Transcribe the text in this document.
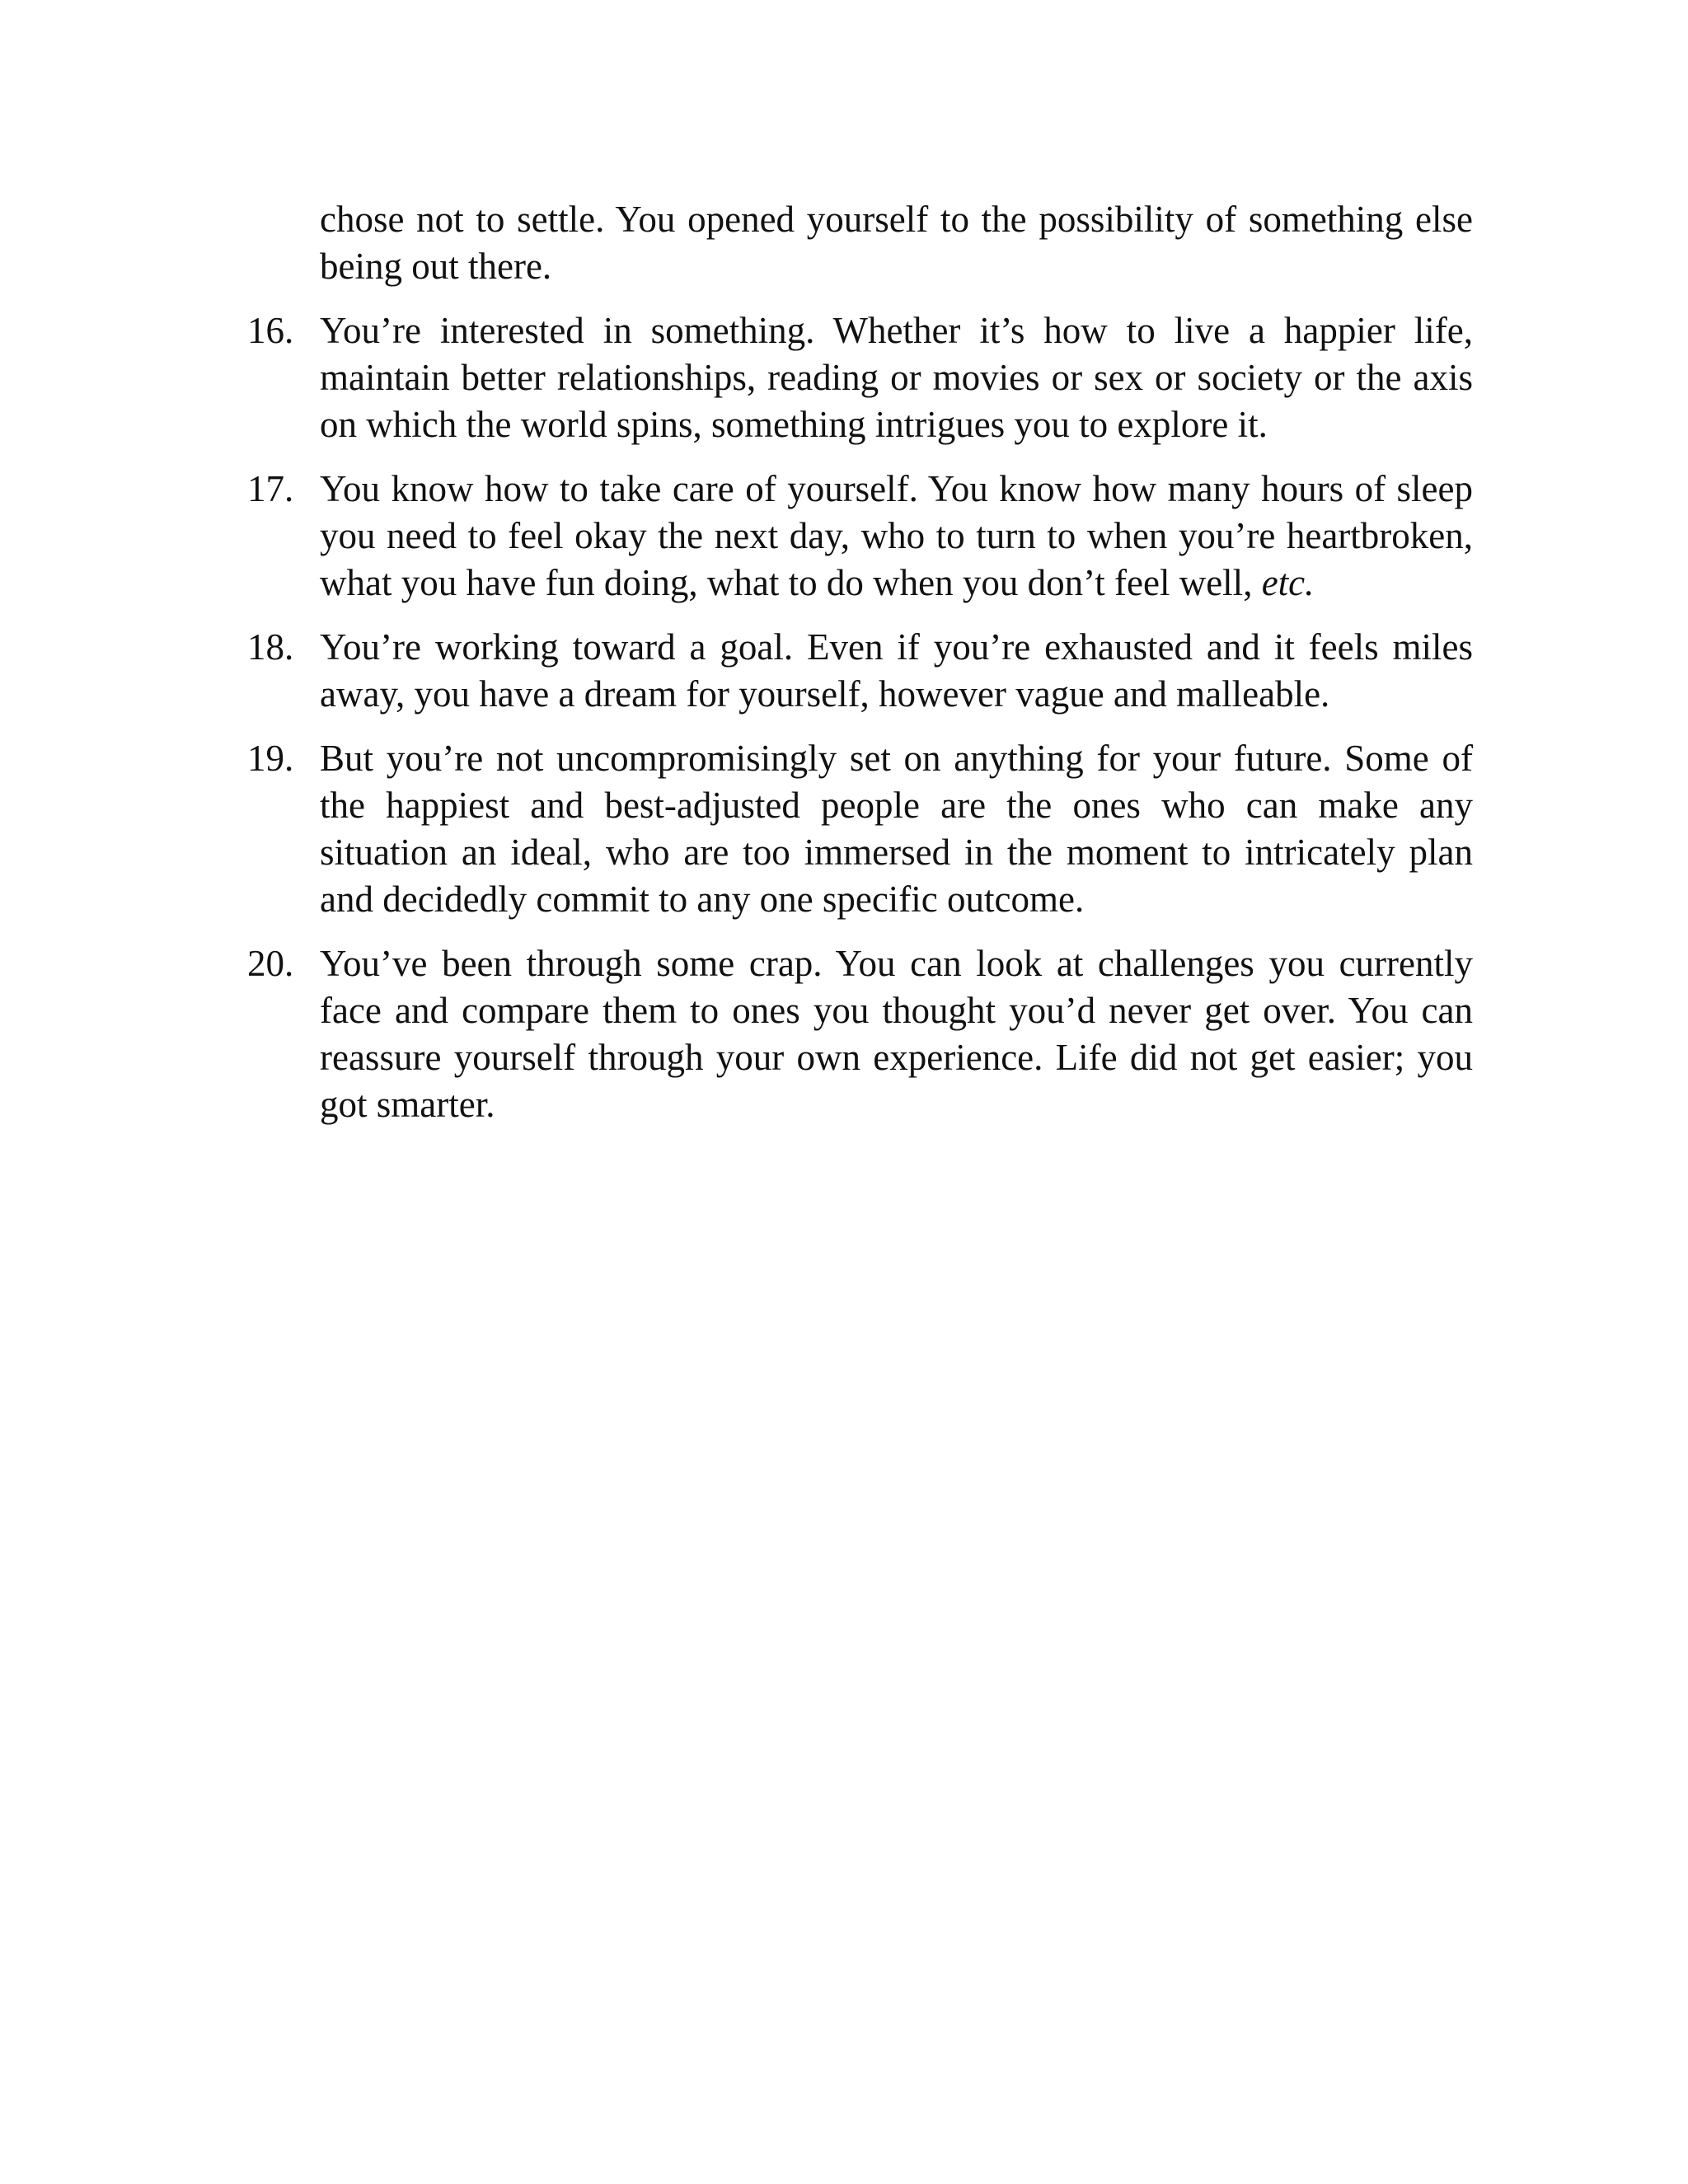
chose not to settle. You opened yourself to the possibility of something else being out there.
16. You’re interested in something. Whether it’s how to live a happier life, maintain better relationships, reading or movies or sex or society or the axis on which the world spins, something intrigues you to explore it.
17. You know how to take care of yourself. You know how many hours of sleep you need to feel okay the next day, who to turn to when you’re heartbroken, what you have fun doing, what to do when you don’t feel well, etc.
18. You’re working toward a goal. Even if you’re exhausted and it feels miles away, you have a dream for yourself, however vague and malleable.
19. But you’re not uncompromisingly set on anything for your future. Some of the happiest and best-adjusted people are the ones who can make any situation an ideal, who are too immersed in the moment to intricately plan and decidedly commit to any one specific outcome.
20. You’ve been through some crap. You can look at challenges you currently face and compare them to ones you thought you’d never get over. You can reassure yourself through your own experience. Life did not get easier; you got smarter.
